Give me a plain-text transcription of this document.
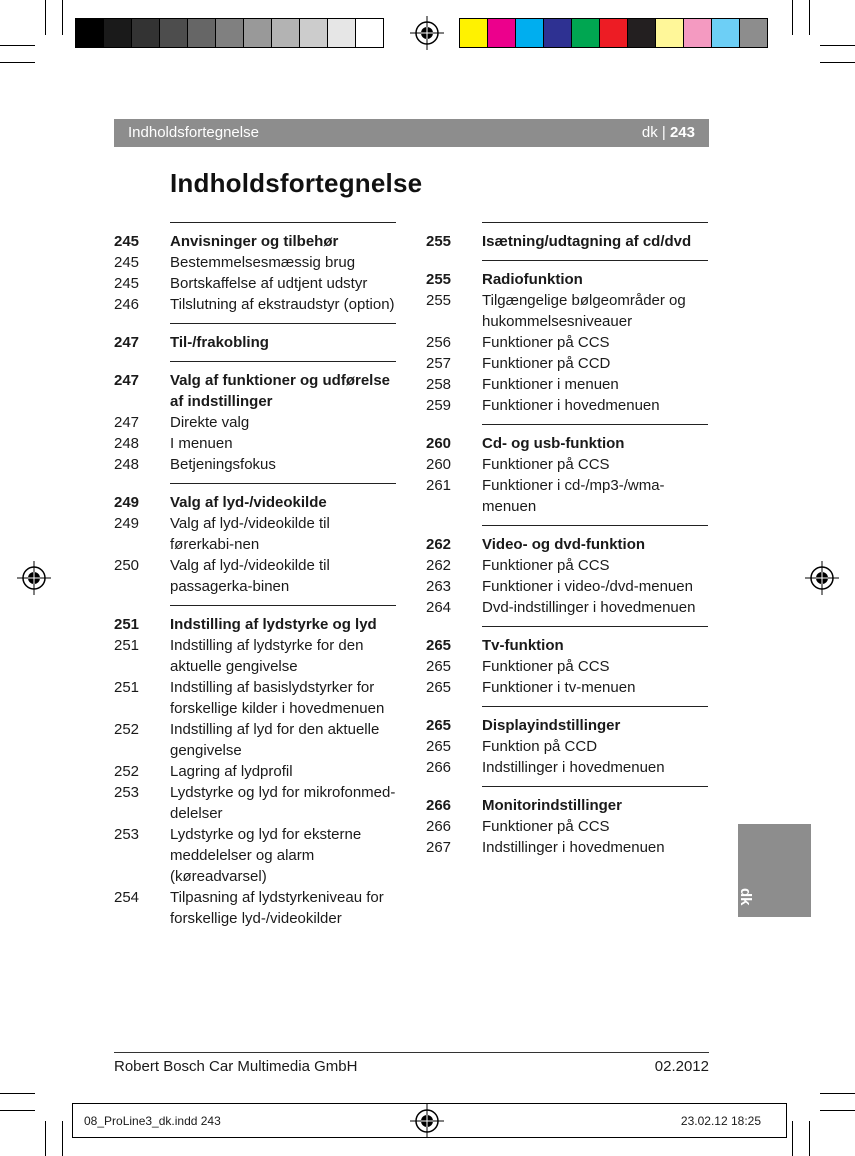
Indholdsfortegnelse	dk | 243
Indholdsfortegnelse
245	Anvisninger og tilbehør
245	Bestemmelsesmæssig brug
245	Bortskaffelse af udtjent udstyr
246	Tilslutning af ekstraudstyr (option)
247	Til-/frakobling
247	Valg af funktioner og udførelse af indstillinger
247	Direkte valg
248	I menuen
248	Betjeningsfokus
249	Valg af lyd-/videokilde
249	Valg af lyd-/videokilde til førerkabi-nen
250	Valg af lyd-/videokilde til passagerka-binen
251	Indstilling af lydstyrke og lyd
251	Indstilling af lydstyrke for den aktuelle gengivelse
251	Indstilling af basislydstyrker for forskellige kilder i hovedmenuen
252	Indstilling af lyd for den aktuelle gengivelse
252	Lagring af lydprofil
253	Lydstyrke og lyd for mikrofonmed-delelser
253	Lydstyrke og lyd for eksterne meddelelser og alarm (køreadvarsel)
254	Tilpasning af lydstyrkeniveau for forskellige lyd-/videokilder
255	Isætning/udtagning af cd/dvd
255	Radiofunktion
255	Tilgængelige bølgeområder og hukommelsesniveauer
256	Funktioner på CCS
257	Funktioner på CCD
258	Funktioner i menuen
259	Funktioner i hovedmenuen
260	Cd- og usb-funktion
260	Funktioner på CCS
261	Funktioner i cd-/mp3-/wma-menuen
262	Video- og dvd-funktion
262	Funktioner på CCS
263	Funktioner i video-/dvd-menuen
264	Dvd-indstillinger i hovedmenuen
265	Tv-funktion
265	Funktioner på CCS
265	Funktioner i tv-menuen
265	Displayindstillinger
265	Funktion på CCD
266	Indstillinger i hovedmenuen
266	Monitorindstillinger
266	Funktioner på CCS
267	Indstillinger i hovedmenuen
dk
Robert Bosch Car Multimedia GmbH	02.2012
08_ProLine3_dk.indd 243	23.02.12 18:25
